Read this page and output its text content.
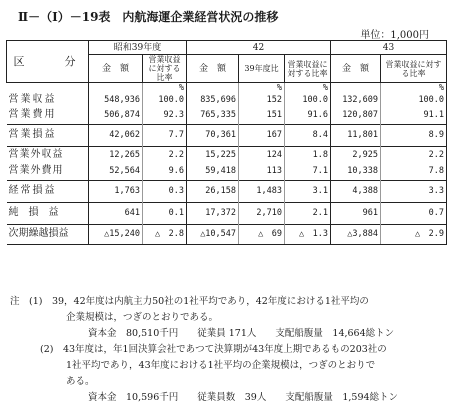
Ⅱ－（Ⅰ）－19表　内航海運企業経営状況の推移
単位：1,000円
区　　分	昭和39年度		42			43	
	金　額	営業収益に対する比率	金　額	39年度比	営業収益に対する比率	金　額	営業収益に対する比率
		%		%	%		%
営業収益	548,936	100.0	835,696	152	100.0	132,609	100.0
営業費用	506,874	92.3	765,335	151	91.6	120,807	91.1
営業損益	42,062	7.7	70,361	167	8.4	11,801	8.9
営業外収益	12,265	2.2	15,225	124	1.8	2,925	2.2
営業外費用	52,564	9.6	59,418	113	7.1	10,338	7.8
経常損益	1,763	0.3	26,158	1,483	3.1	4,388	3.3
純損益	641	0.1	17,372	2,710	2.1	961	0.7
次期繰越損益	△15,240	△　2.8	△10,547	△　69	△　1.3	△3,884	△　2.9
注　(1)　39，42年度は内航主力50社の1社平均であり，42年度における1社平均の
企業規模は，つぎのとおりである。
資本金　80,510千円　　従業員 171人　　支配船腹量　14,664総トン
(2)　43年度は，年1回決算会社であつて決算期が43年度上期であるもの203社の
1社平均であり，43年度における1社平均の企業規模は，つぎのとおりで
ある。
資本金　10,596千円　　従業員数　39人　　支配船腹量　1,594総トン
